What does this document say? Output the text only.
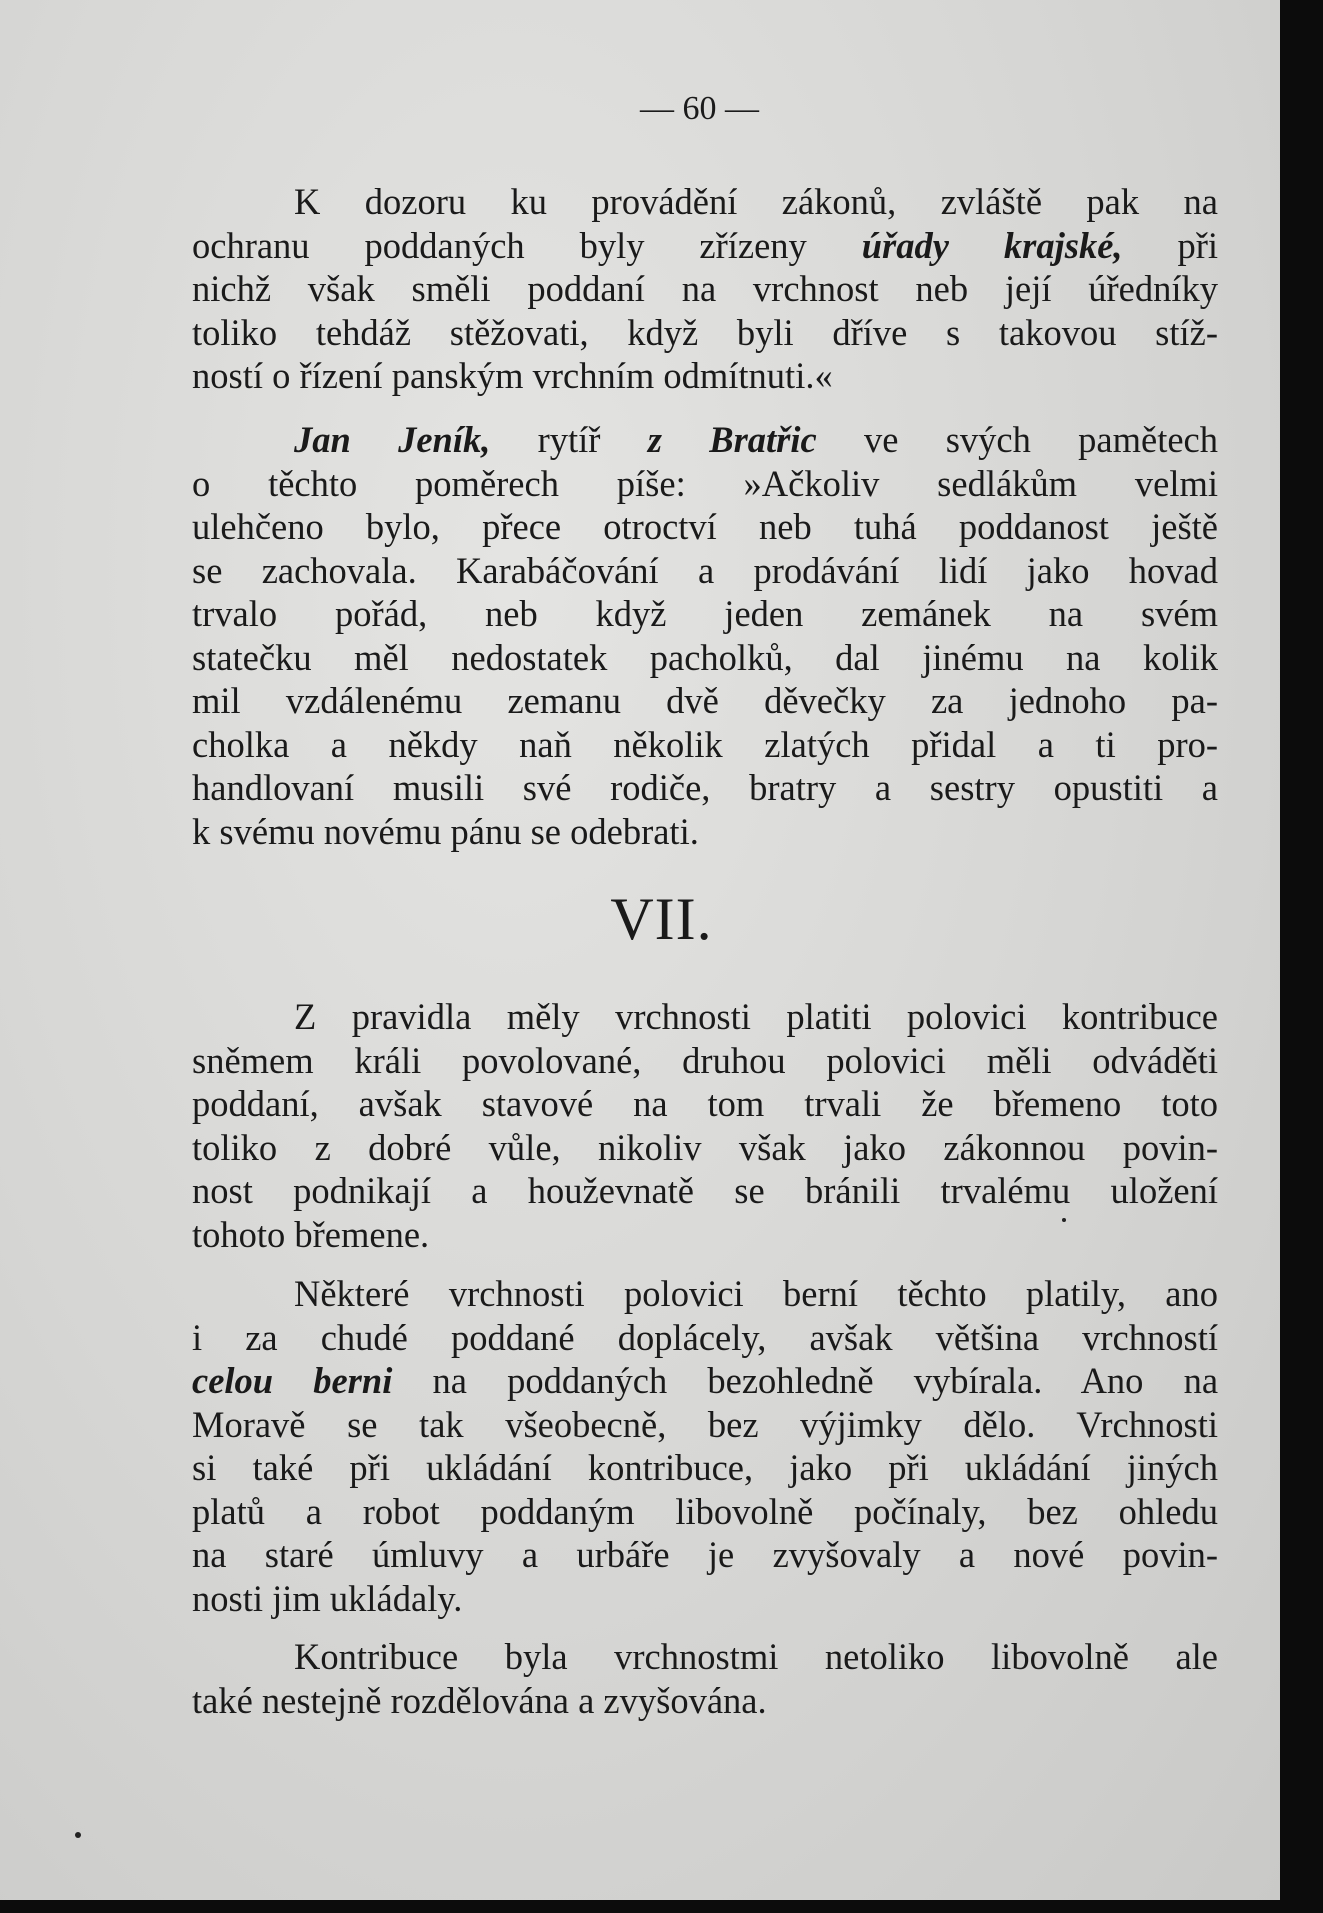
— 60 —
K dozoru ku provádění zákonů, zvláště pak na
ochranu poddaných byly zřízeny úřady krajské, při
nichž však směli poddaní na vrchnost neb její úředníky
toliko tehdáž stěžovati, když byli dříve s takovou stíž-
ností o řízení panským vrchním odmítnuti.«
Jan Jeník, rytíř z Bratřic ve svých pamětech
o těchto poměrech píše: »Ačkoliv sedlákům velmi
ulehčeno bylo, přece otroctví neb tuhá poddanost ještě
se zachovala. Karabáčování a prodávání lidí jako hovad
trvalo pořád, neb když jeden zemánek na svém
statečku měl nedostatek pacholků, dal jinému na kolik
mil vzdálenému zemanu dvě děvečky za jednoho pa-
cholka a někdy naň několik zlatých přidal a ti pro-
handlovaní musili své rodiče, bratry a sestry opustiti a
k svému novému pánu se odebrati.
VII.
Z pravidla měly vrchnosti platiti polovici kontribuce
sněmem králi povolované, druhou polovici měli odváděti
poddaní, avšak stavové na tom trvali že břemeno toto
toliko z dobré vůle, nikoliv však jako zákonnou povin-
nost podnikají a houževnatě se bránili trvalému uložení
tohoto břemene.
Některé vrchnosti polovici berní těchto platily, ano
i za chudé poddané doplácely, avšak většina vrchností
celou berni na poddaných bezohledně vybírala. Ano na
Moravě se tak všeobecně, bez výjimky dělo. Vrchnosti
si také při ukládání kontribuce, jako při ukládání jiných
platů a robot poddaným libovolně počínaly, bez ohledu
na staré úmluvy a urbáře je zvyšovaly a nové povin-
nosti jim ukládaly.
Kontribuce byla vrchnostmi netoliko libovolně ale
také nestejně rozdělována a zvyšována.
